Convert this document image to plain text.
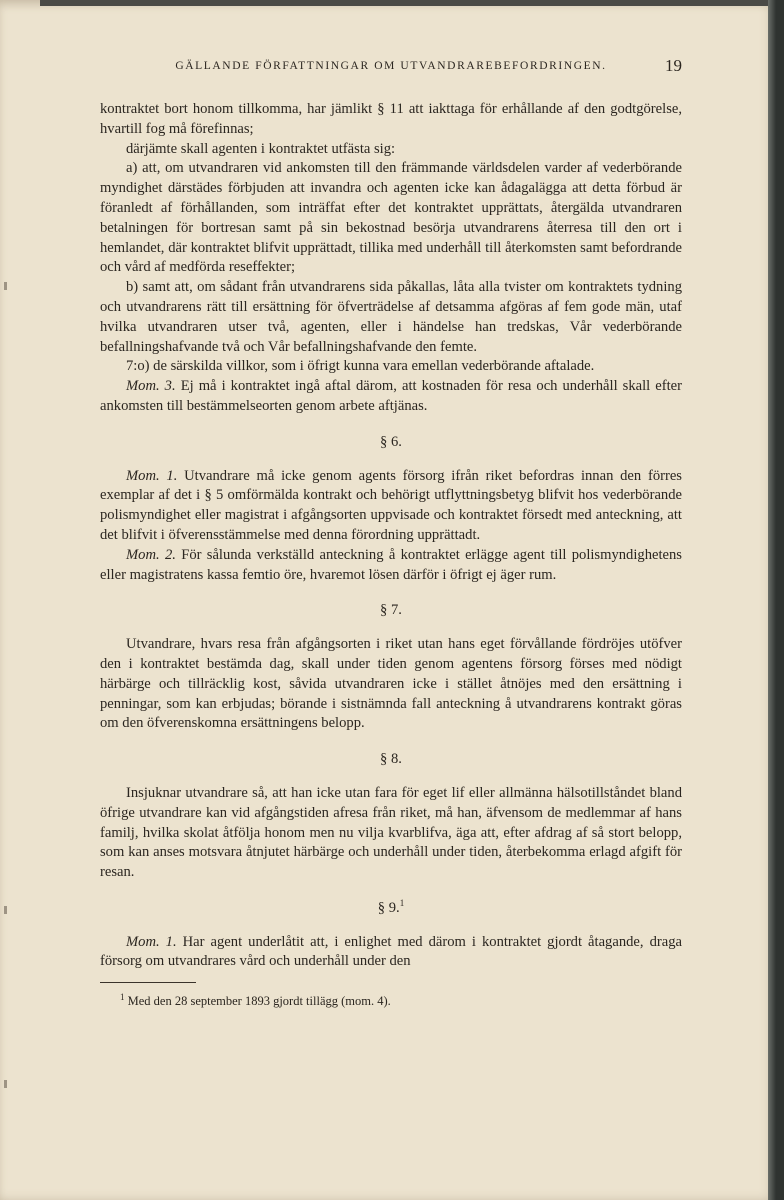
GÄLLANDE FÖRFATTNINGAR OM UTVANDRAREBEFORDRINGEN.	19

kontraktet bort honom tillkomma, har jämlikt § 11 att iakttaga för erhållande af den godtgörelse, hvartill fog må förefinnas;

därjämte skall agenten i kontraktet utfästa sig:

a) att, om utvandraren vid ankomsten till den främmande världsdelen varder af vederbörande myndighet därstädes förbjuden att invandra och agenten icke kan ådagalägga att detta förbud är föranledt af förhållanden, som inträffat efter det kontraktet upprättats, återgälda utvandraren betalningen för bortresan samt på sin bekostnad besörja utvandrarens återresa till den ort i hemlandet, där kontraktet blifvit upprättadt, tillika med underhåll till återkomsten samt befordrande och vård af medförda reseffekter;

b) samt att, om sådant från utvandrarens sida påkallas, låta alla tvister om kontraktets tydning och utvandrarens rätt till ersättning för öfverträdelse af detsamma afgöras af fem gode män, utaf hvilka utvandraren utser två, agenten, eller i händelse han tredskas, Vår vederbörande befallningshafvande två och Vår befallningshafvande den femte.

7:o) de särskilda villkor, som i öfrigt kunna vara emellan vederbörande aftalade.

Mom. 3. Ej må i kontraktet ingå aftal därom, att kostnaden för resa och underhåll skall efter ankomsten till bestämmelseorten genom arbete aftjänas.

§ 6.

Mom. 1. Utvandrare må icke genom agents försorg ifrån riket befordras innan den förres exemplar af det i § 5 omförmälda kontrakt och behörigt utflyttningsbetyg blifvit hos vederbörande polismyndighet eller magistrat i afgångsorten uppvisade och kontraktet försedt med anteckning, att det blifvit i öfverensstämmelse med denna förordning upprättadt.

Mom. 2. För sålunda verkställd anteckning å kontraktet erlägge agent till polismyndighetens eller magistratens kassa femtio öre, hvaremot lösen därför i öfrigt ej äger rum.

§ 7.

Utvandrare, hvars resa från afgångsorten i riket utan hans eget förvållande fördröjes utöfver den i kontraktet bestämda dag, skall under tiden genom agentens försorg förses med nödigt härbärge och tillräcklig kost, såvida utvandraren icke i stället åtnöjes med den ersättning i penningar, som kan erbjudas; börande i sistnämnda fall anteckning å utvandrarens kontrakt göras om den öfverenskomna ersättningens belopp.

§ 8.

Insjuknar utvandrare så, att han icke utan fara för eget lif eller allmänna hälsotillståndet bland öfrige utvandrare kan vid afgångstiden afresa från riket, må han, äfvensom de medlemmar af hans familj, hvilka skolat åtfölja honom men nu vilja kvarblifva, äga att, efter afdrag af så stort belopp, som kan anses motsvara åtnjutet härbärge och underhåll under tiden, återbekomma erlagd afgift för resan.

§ 9.$^1$

Mom. 1. Har agent underlåtit att, i enlighet med därom i kontraktet gjordt åtagande, draga försorg om utvandrares vård och underhåll under den

$^1$ Med den 28 september 1893 gjordt tillägg (mom. 4).
